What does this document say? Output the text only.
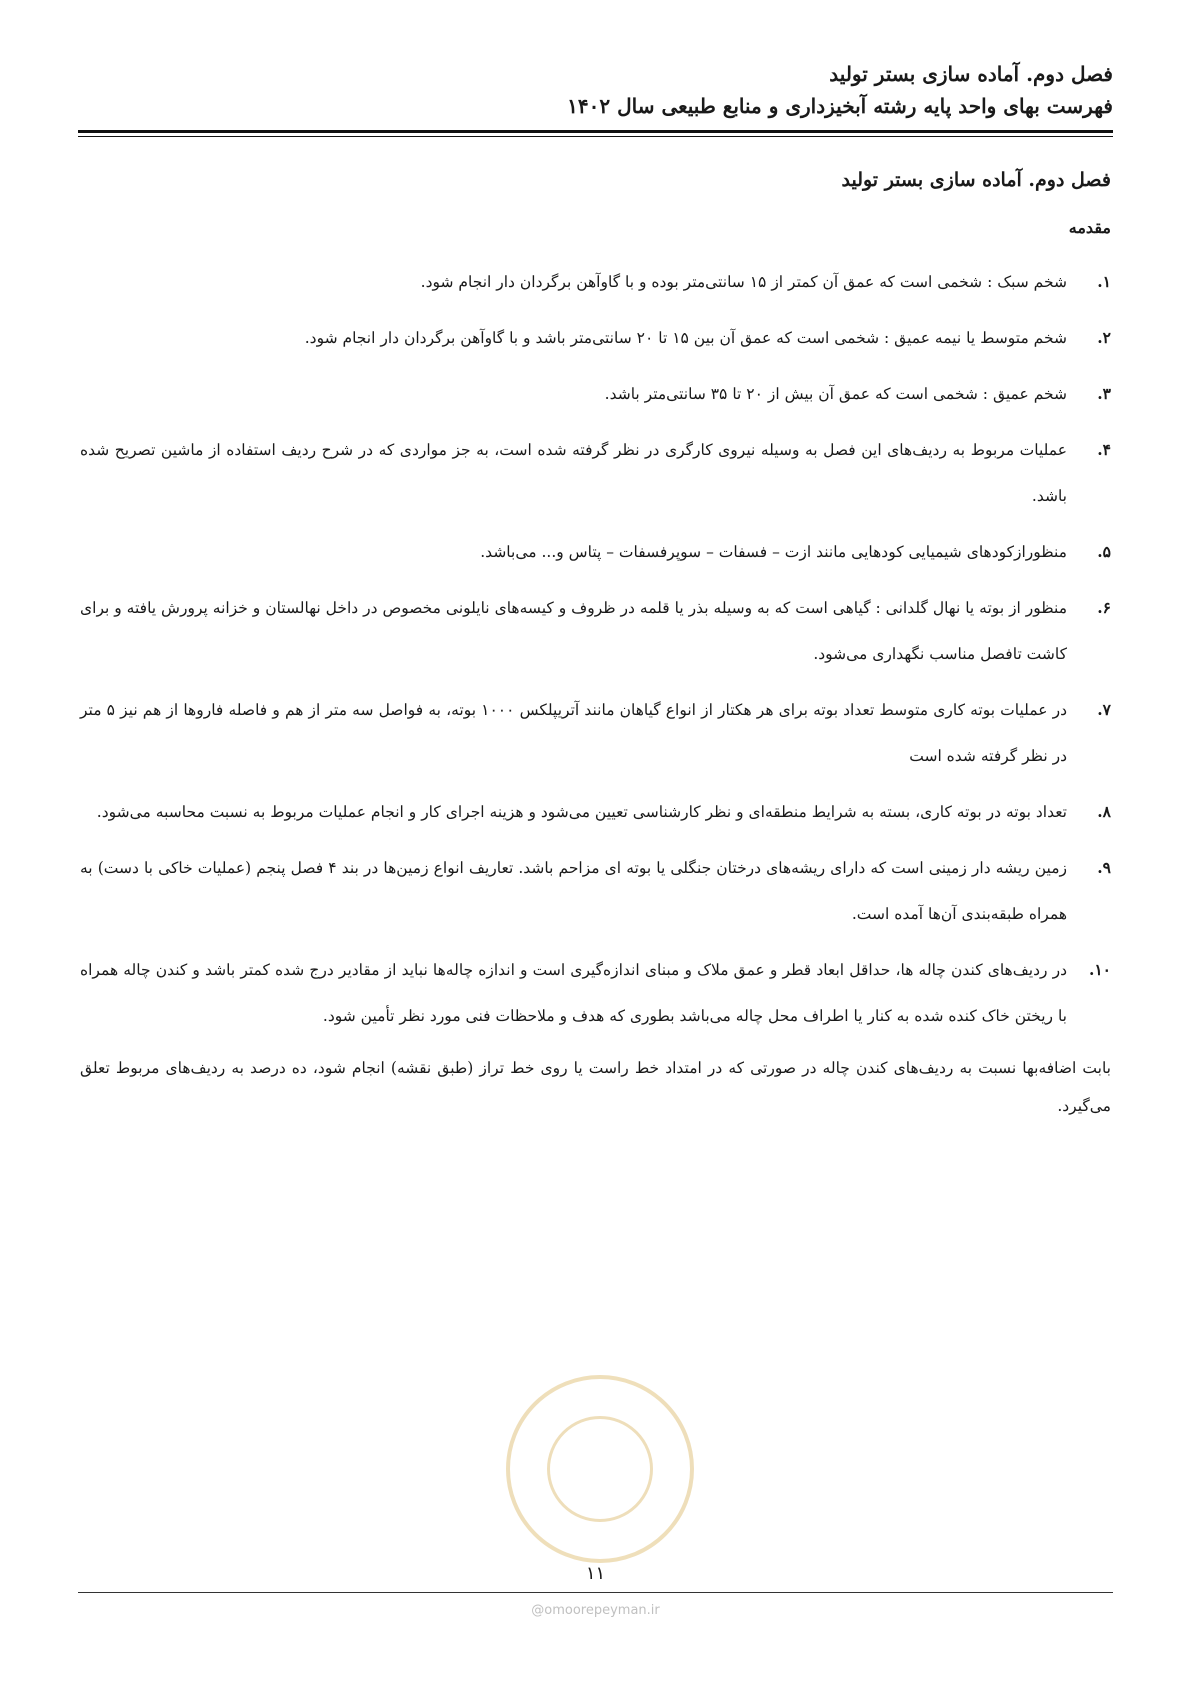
فصل دوم. آماده سازی بستر تولید
فهرست بهای واحد پایه رشته آبخیزداری و منابع طبیعی سال ۱۴۰۲
فصل دوم. آماده سازی بستر تولید
مقدمه
۱.
شخم سبک : شخمی است که عمق آن کمتر از ۱۵ سانتی‌متر بوده و با گاوآهن برگردان دار انجام شود.
۲.
شخم متوسط یا نیمه عمیق : شخمی است که عمق آن بین ۱۵ تا ۲۰ سانتی‌متر باشد و با گاوآهن برگردان دار انجام شود.
۳.
شخم عمیق : شخمی است که عمق آن بیش از ۲۰ تا ۳۵ سانتی‌متر باشد.
۴.
عملیات مربوط به ردیف‌های این فصل به وسیله نیروی کارگری در نظر گرفته شده است، به جز مواردی که در شرح ردیف استفاده از ماشین تصریح شده باشد.
۵.
منظورازکودهای شیمیایی کودهایی مانند ازت – فسفات – سوپرفسفات – پتاس و... می‌باشد.
۶.
منظور از بوته یا نهال گلدانی : گیاهی است که به وسیله بذر یا قلمه در ظروف و کیسه‌های نایلونی مخصوص در داخل نهالستان و خزانه پرورش یافته و برای کاشت تافصل مناسب نگهداری می‌شود.
۷.
در عملیات بوته کاری متوسط تعداد بوته برای هر هکتار از انواع گیاهان مانند آتریپلکس ۱۰۰۰ بوته، به فواصل سه متر از هم و فاصله فاروها از هم نیز ۵ متر در نظر گرفته شده است
۸.
تعداد بوته در بوته کاری، بسته به شرایط منطقه‌ای و نظر کارشناسی تعیین می‌شود و هزینه اجرای کار و انجام عملیات مربوط به نسبت محاسبه می‌شود.
۹.
زمین ریشه دار زمینی است که دارای ریشه‌های درختان جنگلی یا بوته ای مزاحم باشد. تعاریف انواع زمین‌ها در بند ۴ فصل پنجم (عملیات خاکی با دست) به همراه طبقه‌بندی آن‌ها آمده است.
۱۰.
در ردیف‌های کندن چاله ها، حداقل ابعاد قطر و عمق ملاک و مبنای اندازه‌گیری است و اندازه چاله‌ها نباید از مقادیر درج شده کمتر باشد و کندن چاله همراه با ریختن خاک کنده شده به کنار یا اطراف محل چاله می‌باشد بطوری که هدف و ملاحظات فنی مورد نظر تأمین شود.

بابت اضافه‌بها نسبت به ردیف‌های کندن چاله در صورتی که در امتداد خط راست یا روی خط تراز (طبق نقشه) انجام شود، ده درصد به ردیف‌های مربوط تعلق می‌گیرد.

۱۱
@omoorepeyman.ir
